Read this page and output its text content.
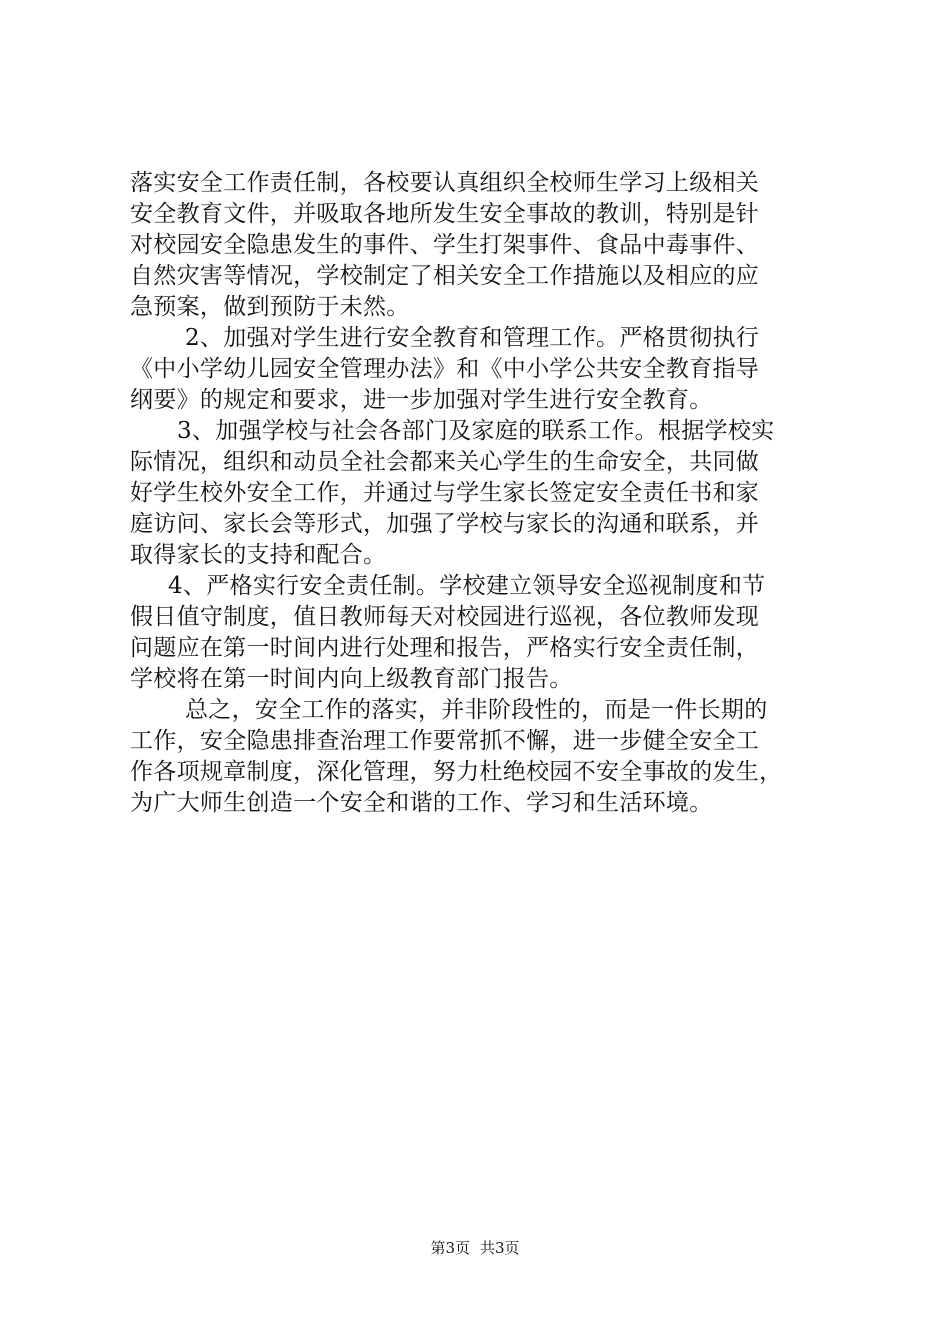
落实安全工作责任制，各校要认真组织全校师生学习上级相关
安全教育文件，并吸取各地所发生安全事故的教训，特别是针
对校园安全隐患发生的事件、学生打架事件、食品中毒事件、
自然灾害等情况，学校制定了相关安全工作措施以及相应的应
急预案，做到预防于未然。
2、加强对学生进行安全教育和管理工作。严格贯彻执行
《中小学幼儿园安全管理办法》和《中小学公共安全教育指导
纲要》的规定和要求，进一步加强对学生进行安全教育。
3、加强学校与社会各部门及家庭的联系工作。根据学校实
际情况，组织和动员全社会都来关心学生的生命安全，共同做
好学生校外安全工作，并通过与学生家长签定安全责任书和家
庭访问、家长会等形式，加强了学校与家长的沟通和联系，并
取得家长的支持和配合。
4、严格实行安全责任制。学校建立领导安全巡视制度和节
假日值守制度，值日教师每天对校园进行巡视，各位教师发现
问题应在第一时间内进行处理和报告，严格实行安全责任制，
学校将在第一时间内向上级教育部门报告。
总之，安全工作的落实，并非阶段性的，而是一件长期的
工作，安全隐患排查治理工作要常抓不懈，进一步健全安全工
作各项规章制度，深化管理，努力杜绝校园不安全事故的发生，
为广大师生创造一个安全和谐的工作、学习和生活环境。
第3页 共3页
